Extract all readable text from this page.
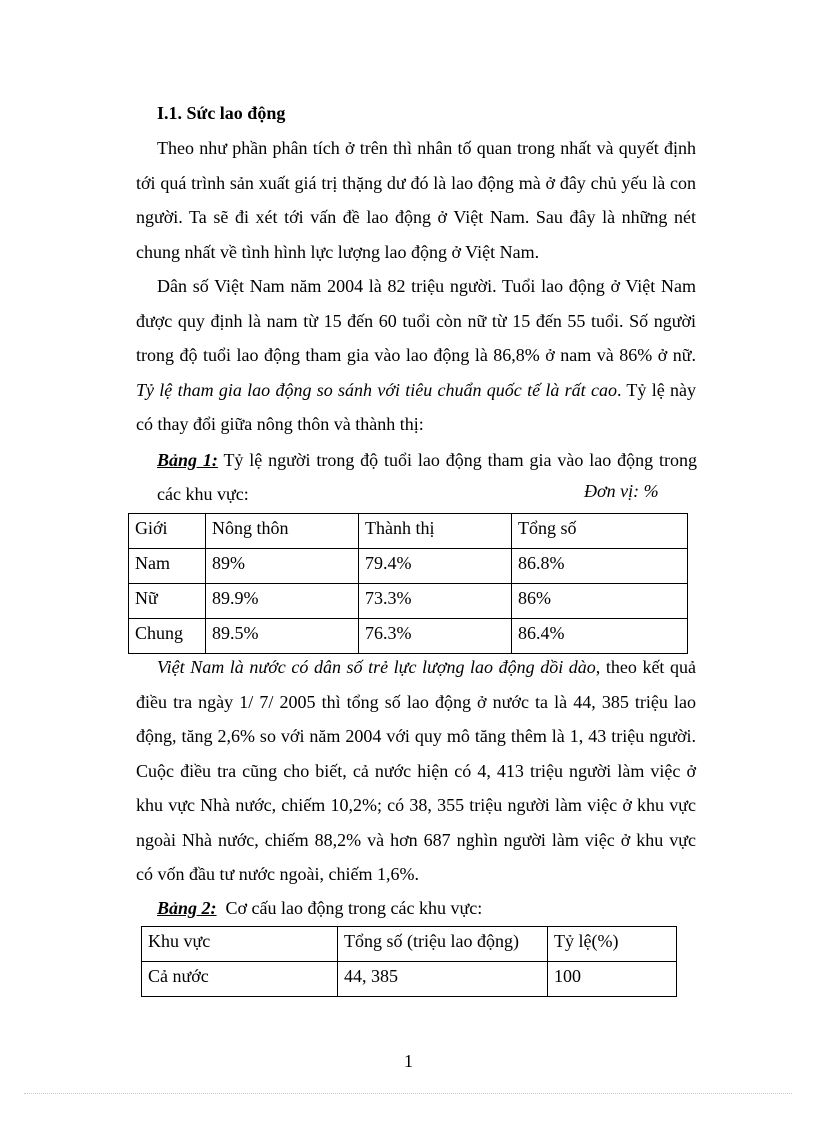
I.1. Sức lao động

Theo như phần phân tích ở trên thì nhân tố quan trong nhất và quyết định tới quá trình sản xuất giá trị thặng dư đó là lao động mà ở đây chủ yếu là con người. Ta sẽ đi xét tới vấn đề lao động ở Việt Nam. Sau đây là những nét chung nhất về tình hình lực lượng lao động ở Việt Nam.

Dân số Việt Nam năm 2004 là 82 triệu người. Tuổi lao động ở Việt Nam được quy định là nam từ 15 đến 60 tuổi còn nữ từ 15 đến 55 tuổi. Số người trong độ tuổi lao động tham gia vào lao động là 86,8% ở nam và 86% ở nữ. Tỷ lệ tham gia lao động so sánh với tiêu chuẩn quốc tế là rất cao. Tỷ lệ này có thay đổi giữa nông thôn và thành thị:

Bảng 1: Tỷ lệ người trong độ tuổi lao động tham gia vào lao động trong các khu vực:	Đơn vị: %
Giới	Nông thôn	Thành thị	Tổng số
Nam	89%	79.4%	86.8%
Nữ	89.9%	73.3%	86%
Chung	89.5%	76.3%	86.4%

Việt Nam là nước có dân số trẻ lực lượng lao động dồi dào, theo kết quả điều tra ngày 1/ 7/ 2005 thì tổng số lao động ở nước ta là 44, 385 triệu lao động, tăng 2,6% so với năm 2004 với quy mô tăng thêm là 1, 43 triệu người. Cuộc điều tra cũng cho biết, cả nước hiện có 4, 413 triệu người làm việc ở khu vực Nhà nước, chiếm 10,2%; có 38, 355 triệu người làm việc ở khu vực ngoài Nhà nước, chiếm 88,2% và hơn 687 nghìn người làm việc ở khu vực có vốn đầu tư nước ngoài, chiếm 1,6%.

Bảng 2:  Cơ cấu lao động trong các khu vực:

Khu vực	Tổng số (triệu lao động)	Tỷ lệ(%)
Cả nước	44, 385	100
1
